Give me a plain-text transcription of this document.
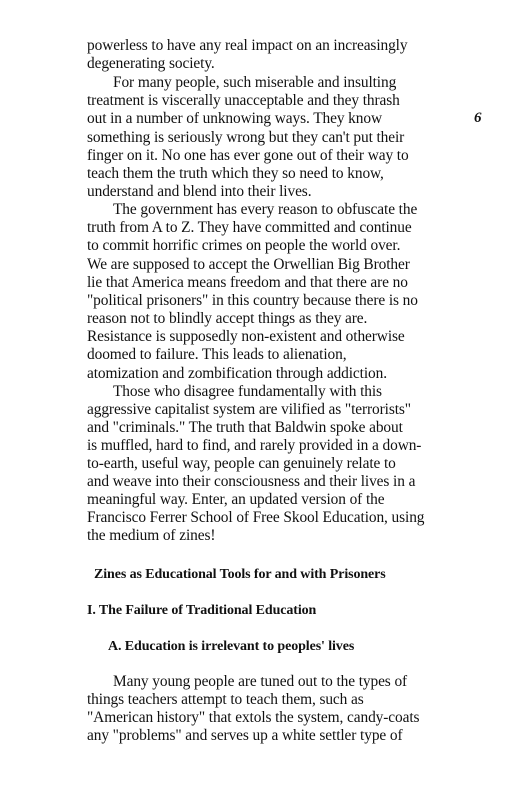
powerless to have any real impact on an increasingly
degenerating society.
For many people, such miserable and insulting
treatment is viscerally unacceptable and they thrash
out in a number of unknowing ways. They know
something is seriously wrong but they can't put their
finger on it. No one has ever gone out of their way to
teach them the truth which they so need to know,
understand and blend into their lives.
The government has every reason to obfuscate the
truth from A to Z. They have committed and continue
to commit horrific crimes on people the world over.
We are supposed to accept the Orwellian Big Brother
lie that America means freedom and that there are no
"political prisoners" in this country because there is no
reason not to blindly accept things as they are.
Resistance is supposedly non-existent and otherwise
doomed to failure. This leads to alienation,
atomization and zombification through addiction.
Those who disagree fundamentally with this
aggressive capitalist system are vilified as "terrorists"
and "criminals." The truth that Baldwin spoke about
is muffled, hard to find, and rarely provided in a down-
to-earth, useful way, people can genuinely relate to
and weave into their consciousness and their lives in a
meaningful way. Enter, an updated version of the
Francisco Ferrer School of Free Skool Education, using
the medium of zines!
Zines as Educational Tools for and with Prisoners
I. The Failure of Traditional Education
A. Education is irrelevant to peoples' lives
Many young people are tuned out to the types of
things teachers attempt to teach them, such as
"American history" that extols the system, candy-coats
any "problems" and serves up a white settler type of
6
